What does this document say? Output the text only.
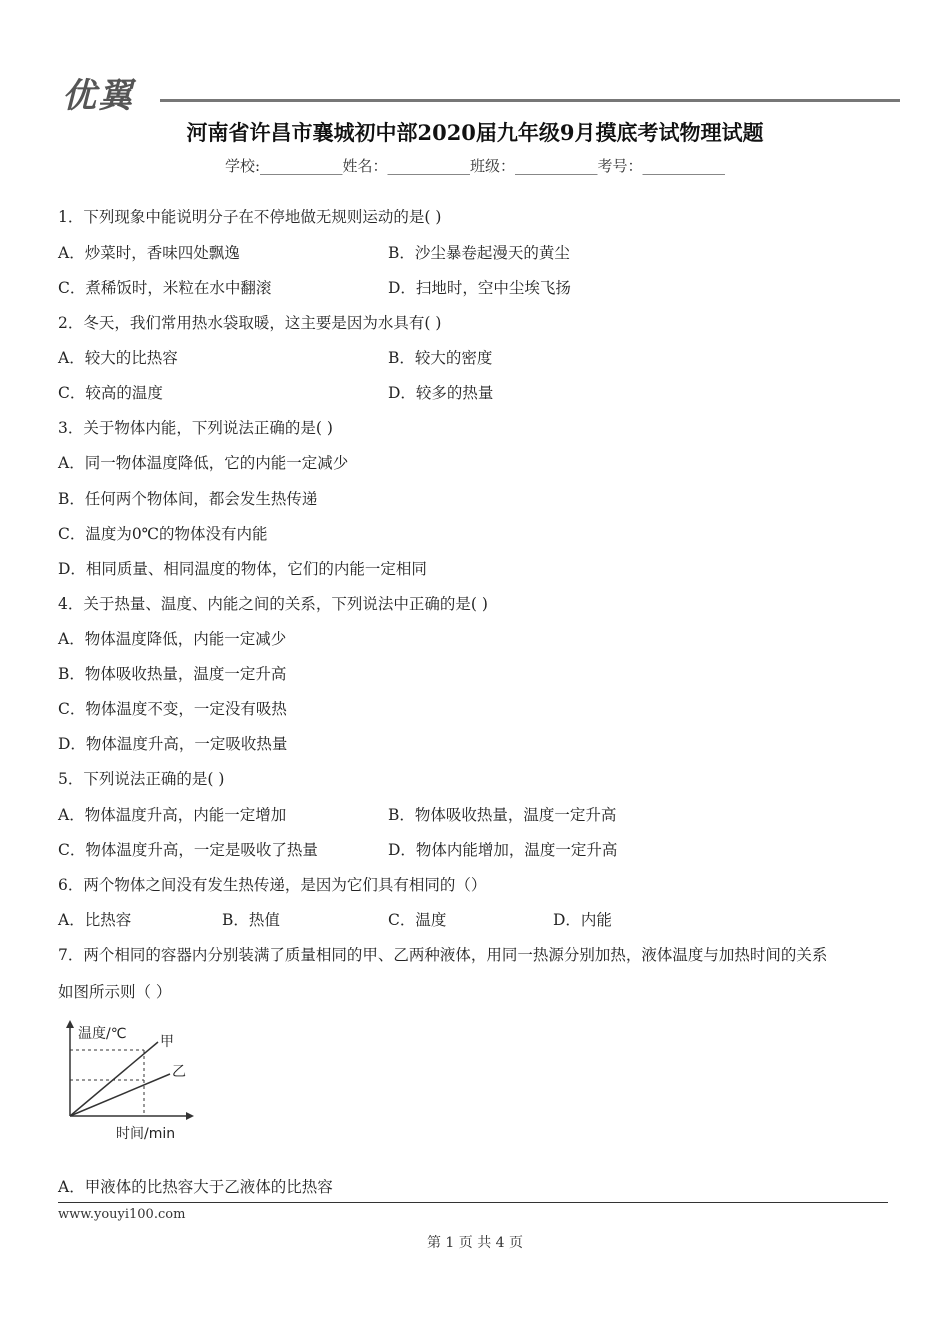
优翼
河南省许昌市襄城初中部2020届九年级9月摸底考试物理试题
学校:___________姓名：___________班级：___________考号：___________
1．下列现象中能说明分子在不停地做无规则运动的是( )
A．炒菜时，香味四处飘逸	B．沙尘暴卷起漫天的黄尘
C．煮稀饭时，米粒在水中翻滚	D．扫地时，空中尘埃飞扬
2．冬天，我们常用热水袋取暖，这主要是因为水具有( )
A．较大的比热容	B．较大的密度
C．较高的温度	D．较多的热量
3．关于物体内能，下列说法正确的是( )
A．同一物体温度降低，它的内能一定减少
B．任何两个物体间，都会发生热传递
C．温度为0℃的物体没有内能
D．相同质量、相同温度的物体，它们的内能一定相同
4．关于热量、温度、内能之间的关系，下列说法中正确的是( )
A．物体温度降低，内能一定减少
B．物体吸收热量，温度一定升高
C．物体温度不变，一定没有吸热
D．物体温度升高，一定吸收热量
5．下列说法正确的是( )
A．物体温度升高，内能一定增加	B．物体吸收热量，温度一定升高
C．物体温度升高，一定是吸收了热量	D．物体内能增加，温度一定升高
6．两个物体之间没有发生热传递，是因为它们具有相同的（）
A．比热容	B．热值	C．温度	D．内能
7．两个相同的容器内分别装满了质量相同的甲、乙两种液体，用同一热源分别加热，液体温度与加热时间的关系
如图所示则（ ）
温度/℃ 甲
乙
时间/min
A．甲液体的比热容大于乙液体的比热容
www.youyi100.com
第 1 页 共 4 页
